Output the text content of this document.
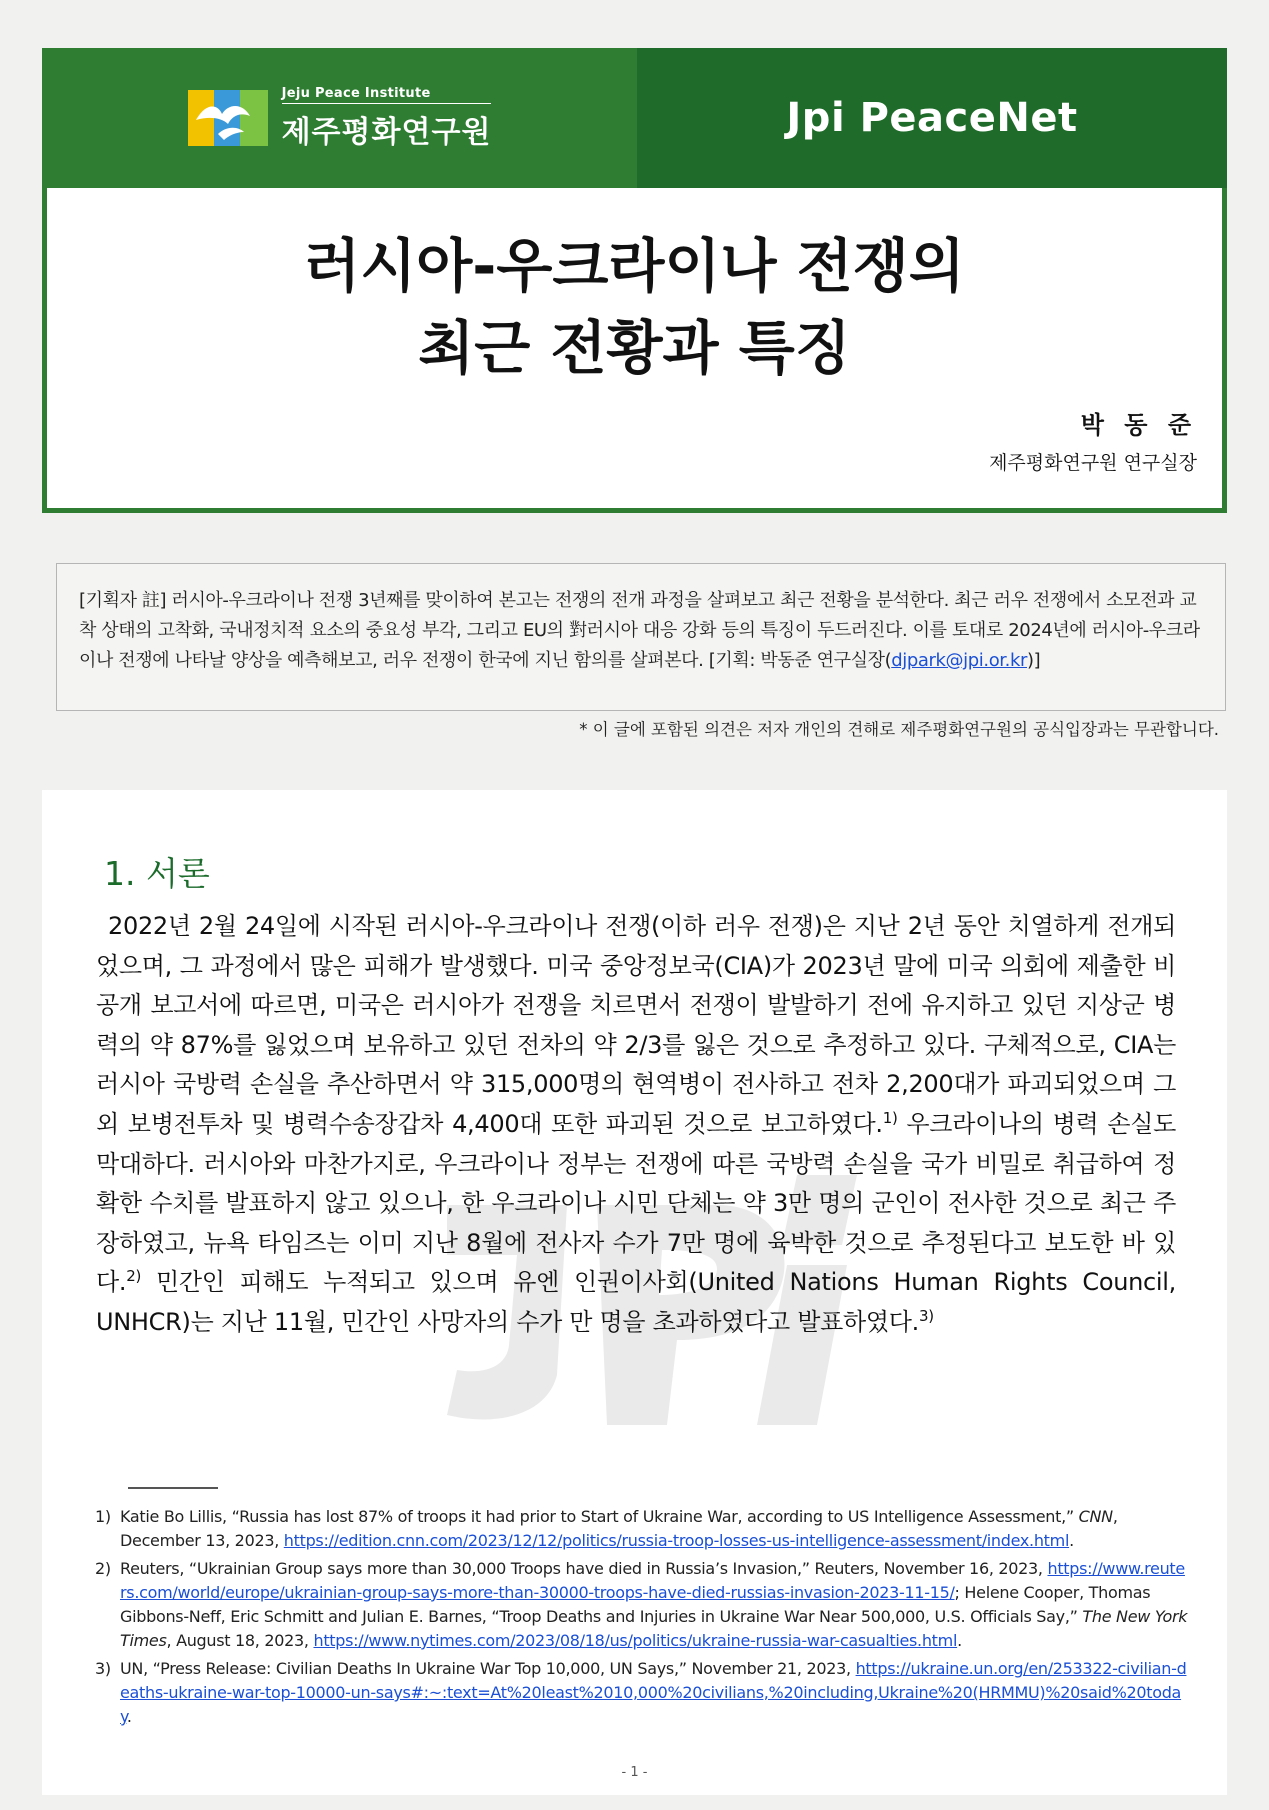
Jeju Peace Institute
제주평화연구원	Jpi PeaceNet
러시아-우크라이나 전쟁의
최근 전황과 특징
박 동 준
제주평화연구원 연구실장
[기획자 註] 러시아-우크라이나 전쟁 3년째를 맞이하여 본고는 전쟁의 전개 과정을 살펴보고 최근 전황을 분석한다. 최근 러우 전쟁에서 소모전과 교착 상태의 고착화, 국내정치적 요소의 중요성 부각, 그리고 EU의 對러시아 대응 강화 등의 특징이 두드러진다. 이를 토대로 2024년에 러시아-우크라이나 전쟁에 나타날 양상을 예측해보고, 러우 전쟁이 한국에 지닌 함의를 살펴본다. [기획: 박동준 연구실장(djpark@jpi.or.kr)]
* 이 글에 포함된 의견은 저자 개인의 견해로 제주평화연구원의 공식입장과는 무관합니다.
1. 서론
2022년 2월 24일에 시작된 러시아-우크라이나 전쟁(이하 러우 전쟁)은 지난 2년 동안 치열하게 전개되었으며, 그 과정에서 많은 피해가 발생했다. 미국 중앙정보국(CIA)가 2023년 말에 미국 의회에 제출한 비공개 보고서에 따르면, 미국은 러시아가 전쟁을 치르면서 전쟁이 발발하기 전에 유지하고 있던 지상군 병력의 약 87%를 잃었으며 보유하고 있던 전차의 약 2/3를 잃은 것으로 추정하고 있다. 구체적으로, CIA는 러시아 국방력 손실을 추산하면서 약 315,000명의 현역병이 전사하고 전차 2,200대가 파괴되었으며 그 외 보병전투차 및 병력수송장갑차 4,400대 또한 파괴된 것으로 보고하였다.$^{1)}$ 우크라이나의 병력 손실도 막대하다. 러시아와 마찬가지로, 우크라이나 정부는 전쟁에 따른 국방력 손실을 국가 비밀로 취급하여 정확한 수치를 발표하지 않고 있으나, 한 우크라이나 시민 단체는 약 3만 명의 군인이 전사한 것으로 최근 주장하였고, 뉴욕 타임즈는 이미 지난 8월에 전사자 수가 7만 명에 육박한 것으로 추정된다고 보도한 바 있다.$^{2)}$ 민간인 피해도 누적되고 있으며 유엔 인권이사회(United Nations Human Rights Council, UNHCR)는 지난 11월, 민간인 사망자의 수가 만 명을 초과하였다고 발표하였다.$^{3)}$
1) Katie Bo Lillis, “Russia has lost 87% of troops it had prior to Start of Ukraine War, according to US Intelligence Assessment,” CNN, December 13, 2023, https://edition.cnn.com/2023/12/12/politics/russia-troop-losses-us-intelligence-assessment/index.html.
2) Reuters, “Ukrainian Group says more than 30,000 Troops have died in Russia’s Invasion,” Reuters, November 16, 2023, https://www.reuters.com/world/europe/ukrainian-group-says-more-than-30000-troops-have-died-russias-invasion-2023-11-15/; Helene Cooper, Thomas Gibbons-Neff, Eric Schmitt and Julian E. Barnes, “Troop Deaths and Injuries in Ukraine War Near 500,000, U.S. Officials Say,” The New York Times, August 18, 2023, https://www.nytimes.com/2023/08/18/us/politics/ukraine-russia-war-casualties.html.
3) UN, “Press Release: Civilian Deaths In Ukraine War Top 10,000, UN Says,” November 21, 2023, https://ukraine.un.org/en/253322-civilian-deaths-ukraine-war-top-10000-un-says#:~:text=At%20least%2010,000%20civilians,%20including,Ukraine%20(HRMMU)%20said%20today.
- 1 -
